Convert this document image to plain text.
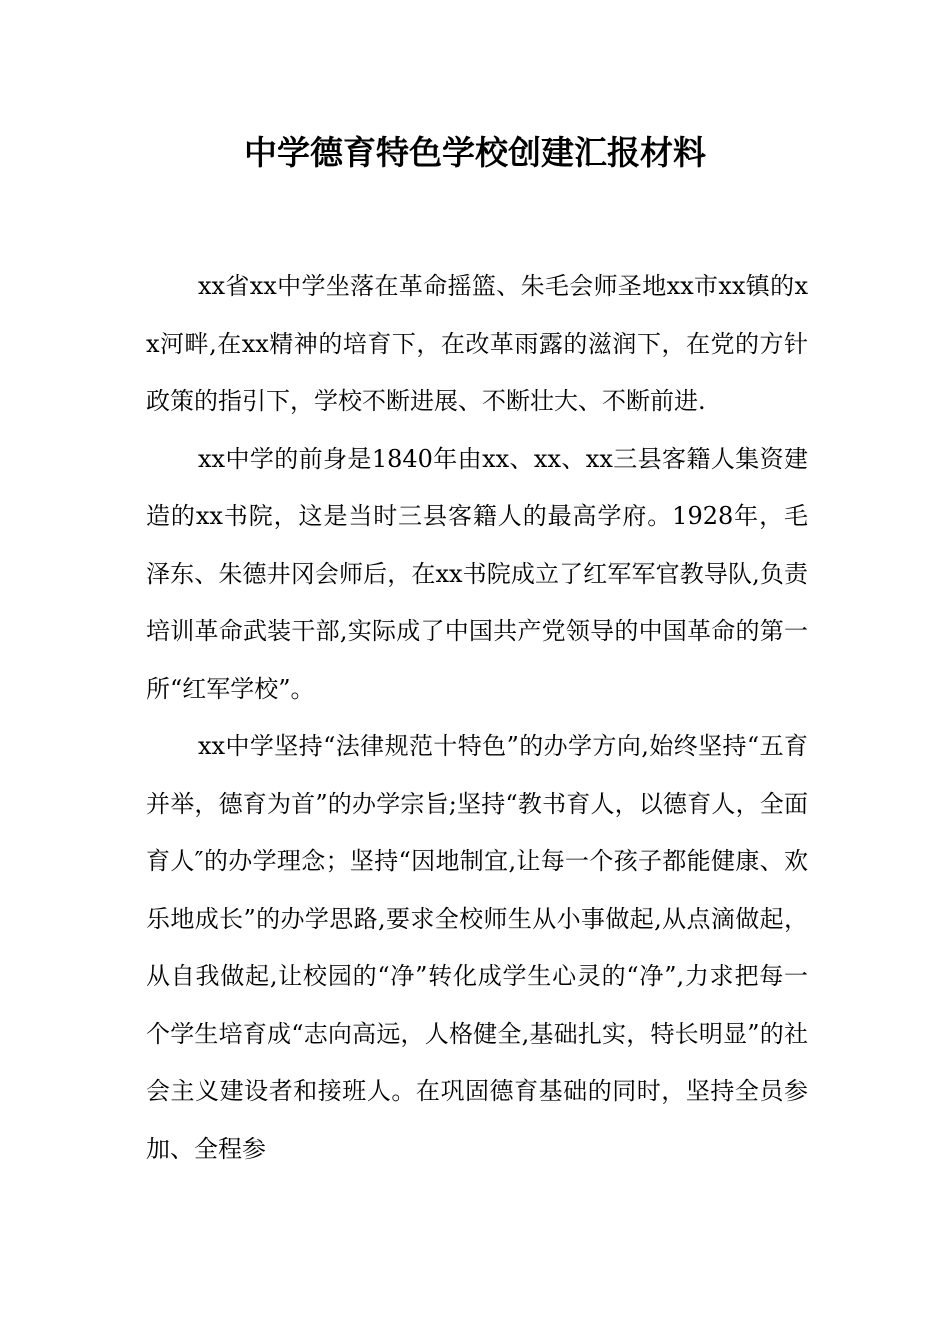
中学德育特色学校创建汇报材料

xx省xx中学坐落在革命摇篮、朱毛会师圣地xx市xx镇的xx河畔,在xx精神的培育下，在改革雨露的滋润下，在党的方针政策的指引下，学校不断进展、不断壮大、不断前进.

xx中学的前身是1840年由xx、xx、xx三县客籍人集资建造的xx书院，这是当时三县客籍人的最高学府。1928年，毛泽东、朱德井冈会师后，在xx书院成立了红军军官教导队,负责培训革命武装干部,实际成了中国共产党领导的中国革命的第一所“红军学校”。

xx中学坚持“法律规范十特色”的办学方向,始终坚持“五育并举，德育为首”的办学宗旨;坚持“教书育人，以德育人，全面育人″的办学理念；坚持“因地制宜,让每一个孩子都能健康、欢乐地成长”的办学思路,要求全校师生从小事做起,从点滴做起，从自我做起,让校园的“净”转化成学生心灵的“净”,力求把每一个学生培育成“志向高远，人格健全,基础扎实，特长明显”的社会主义建设者和接班人。在巩固德育基础的同时，坚持全员参加、全程参
